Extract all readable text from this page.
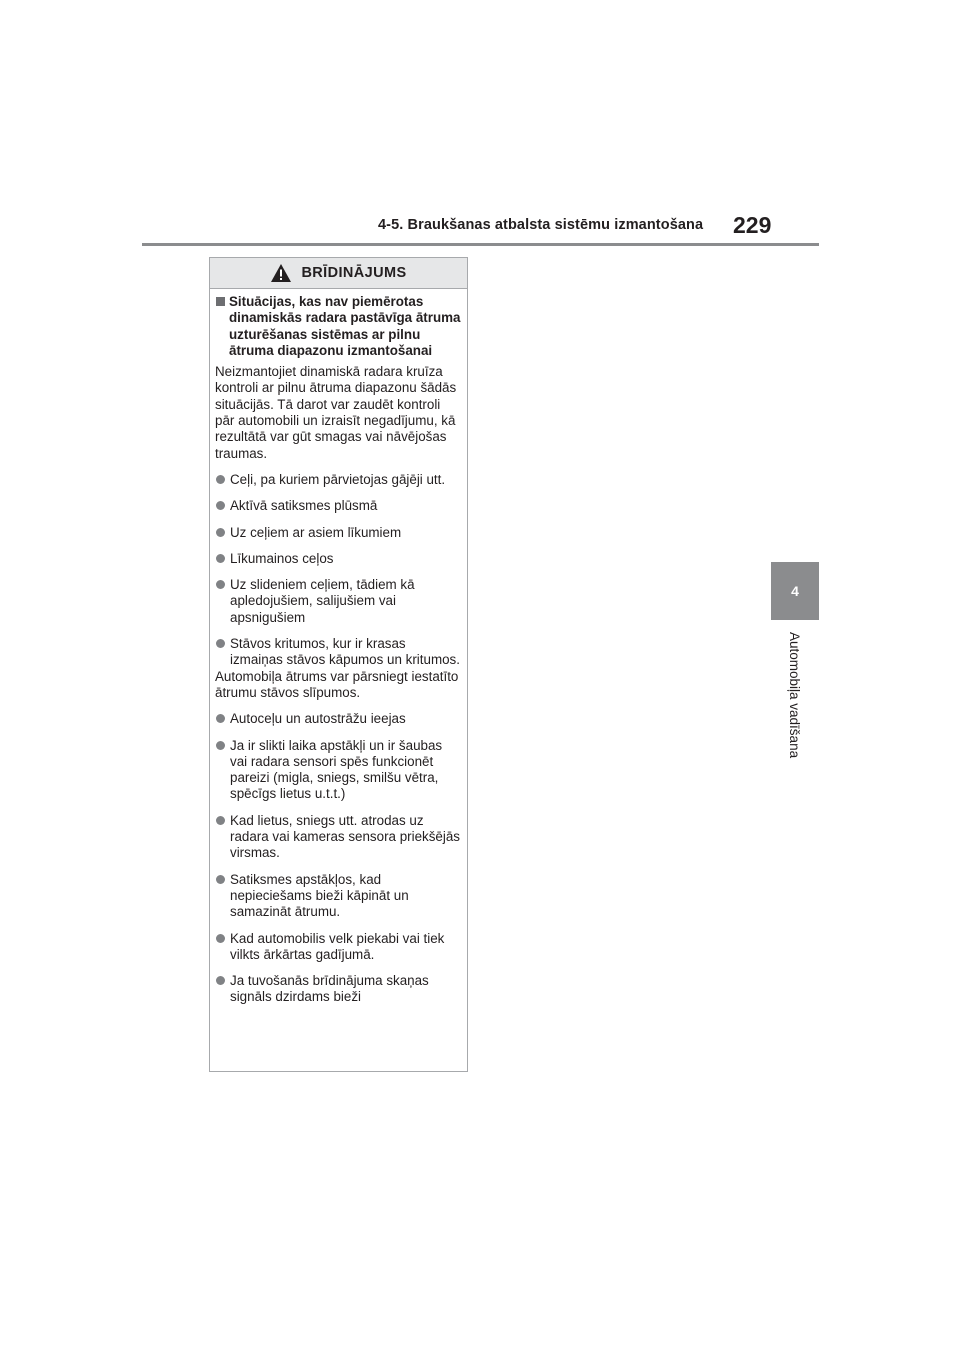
4-5. Braukšanas atbalsta sistēmu izmantošana 229
4
Automobiļa vadīšana
BRĪDINĀJUMS
Situācijas, kas nav piemērotas dinamiskās radara pastāvīga ātruma uzturēšanas sistēmas ar pilnu ātruma diapazonu izmantošanai
Neizmantojiet dinamiskā radara kruīza kontroli ar pilnu ātruma diapazonu šādās situācijās. Tā darot var zaudēt kontroli pār automobili un izraisīt negadījumu, kā rezultātā var gūt smagas vai nāvējošas traumas.
Ceļi, pa kuriem pārvietojas gājēji utt.
Aktīvā satiksmes plūsmā
Uz ceļiem ar asiem līkumiem
Līkumainos ceļos
Uz slideniem ceļiem, tādiem kā apledojušiem, salijušiem vai apsnigušiem
Stāvos kritumos, kur ir krasas izmaiņas stāvos kāpumos un kritumos.
Automobiļa ātrums var pārsniegt iestatīto ātrumu stāvos slīpumos.
Autoceļu un autostrāžu ieejas
Ja ir slikti laika apstākļi un ir šaubas vai radara sensori spēs funkcionēt pareizi (migla, sniegs, smilšu vētra, spēcīgs lietus u.t.t.)
Kad lietus, sniegs utt. atrodas uz radara vai kameras sensora priekšējās virsmas.
Satiksmes apstākļos, kad nepieciešams bieži kāpināt un samazināt ātrumu.
Kad automobilis velk piekabi vai tiek vilkts ārkārtas gadījumā.
Ja tuvošanās brīdinājuma skaņas signāls dzirdams bieži
